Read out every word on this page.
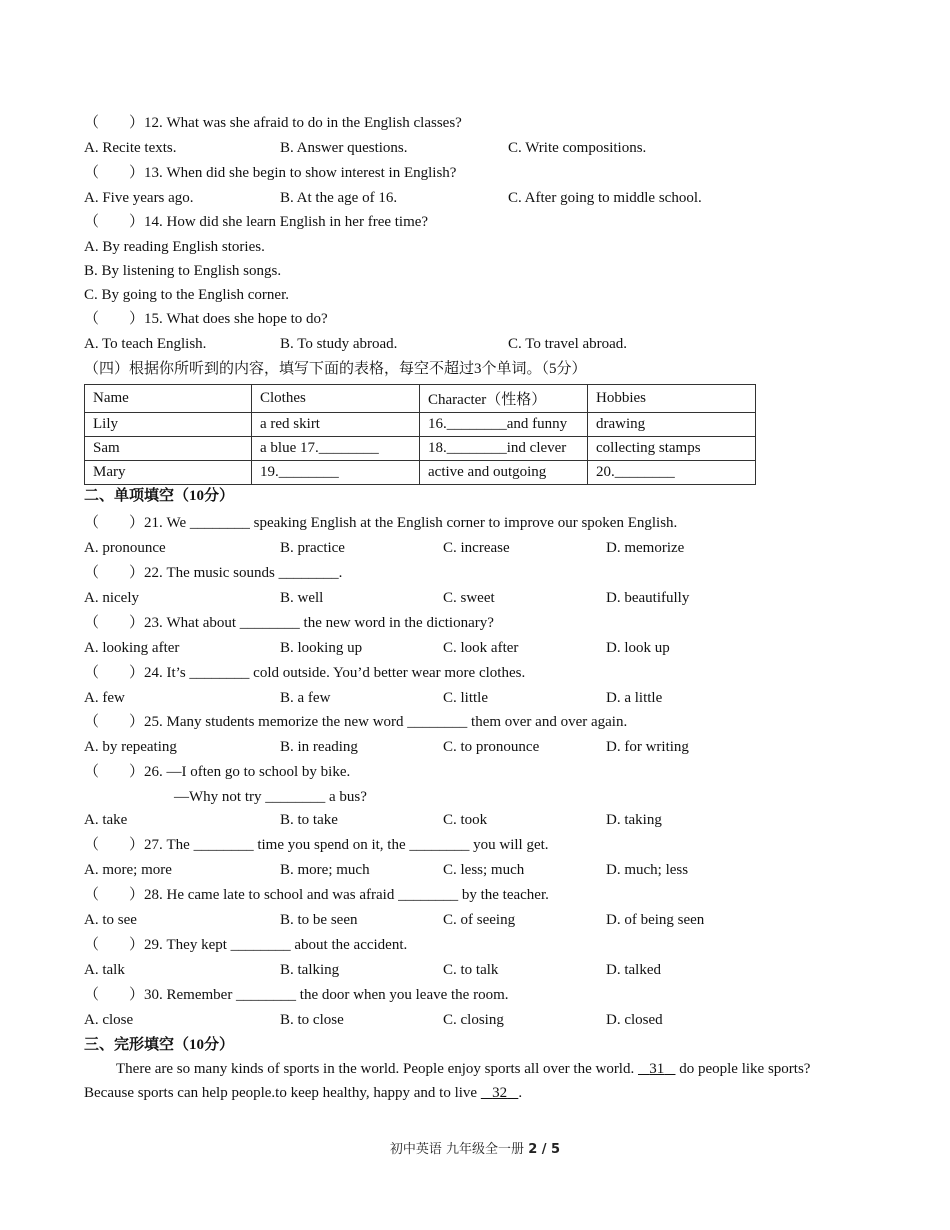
（        ）12. What was she afraid to do in the English classes?
A. Recite texts.	B. Answer questions.	C. Write compositions.
（        ）13. When did she begin to show interest in English?
A. Five years ago.	B. At the age of 16.	C. After going to middle school.
（        ）14. How did she learn English in her free time?
A. By reading English stories.
B. By listening to English songs.
C. By going to the English corner.
（        ）15. What does she hope to do?
A. To teach English.	B. To study abroad.	C. To travel abroad.
（四）根据你所听到的内容，填写下面的表格，每空不超过3个单词。（5分）
Name	Clothes	Character（性格）	Hobbies
Lily	a red skirt	16.________and funny	drawing
Sam	a blue 17.________	18.________ind clever	collecting stamps
Mary	19.________	active and outgoing	20.________
二、单项填空（10分）
（        ）21. We ________ speaking English at the English corner to improve our spoken English.
A. pronounce	B. practice	C. increase	D. memorize
（        ）22. The music sounds ________.
A. nicely	B. well	C. sweet	D. beautifully
（        ）23. What about ________ the new word in the dictionary?
A. looking after	B. looking up	C. look after	D. look up
（        ）24. It’s ________ cold outside. You’d better wear more clothes.
A. few	B. a few	C. little	D. a little
（        ）25. Many students memorize the new word ________ them over and over again.
A. by repeating	B. in reading	C. to pronounce	D. for writing
（        ）26. —I often go to school by bike.
—Why not try ________ a bus?
A. take	B. to take	C. took	D. taking
（        ）27. The ________ time you spend on it, the ________ you will get.
A. more; more	B. more; much	C. less; much	D. much; less
（        ）28. He came late to school and was afraid ________ by the teacher.
A. to see	B. to be seen	C. of seeing	D. of being seen
（        ）29. They kept ________ about the accident.
A. talk	B. talking	C. to talk	D. talked
（        ）30. Remember ________ the door when you leave the room.
A. close	B. to close	C. closing	D. closed
三、完形填空（10分）
There are so many kinds of sports in the world. People enjoy sports all over the world. 31 do people like sports?
Because sports can help people.to keep healthy, happy and to live 32 .
初中英语 九年级全一册 2 / 5
